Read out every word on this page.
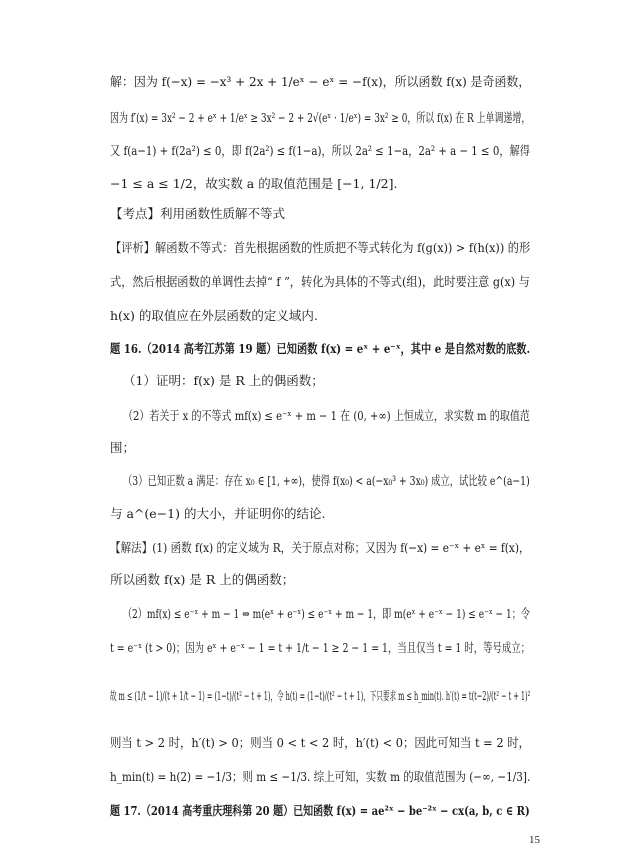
解：因为 f(−x) = −x³ + 2x + 1/eˣ − eˣ = −f(x)，所以函数 f(x) 是奇函数，
因为 f′(x) = 3x² − 2 + eˣ + 1/eˣ ≥ 3x² − 2 + 2√(eˣ · 1/eˣ) = 3x² ≥ 0，所以 f(x) 在 R 上单调递增，
又 f(a−1) + f(2a²) ≤ 0，即 f(2a²) ≤ f(1−a)，所以 2a² ≤ 1−a，2a² + a − 1 ≤ 0，解得
−1 ≤ a ≤ 1/2，故实数 a 的取值范围是 [−1, 1/2].
【考点】利用函数性质解不等式
【评析】解函数不等式：首先根据函数的性质把不等式转化为 f(g(x)) > f(h(x)) 的形
式，然后根据函数的单调性去掉“ f ”，转化为具体的不等式(组)，此时要注意 g(x) 与
h(x) 的取值应在外层函数的定义域内.
题 16.（2014 高考江苏第 19 题）已知函数 f(x) = eˣ + e⁻ˣ，其中 e 是自然对数的底数.
（1）证明：f(x) 是 R 上的偶函数；
（2）若关于 x 的不等式 mf(x) ≤ e⁻ˣ + m − 1 在 (0, +∞) 上恒成立，求实数 m 的取值范
围；
（3）已知正数 a 满足：存在 x₀ ∈ [1, +∞)，使得 f(x₀) < a(−x₀³ + 3x₀) 成立，试比较 e^(a−1)
与 a^(e−1) 的大小，并证明你的结论.
【解法】(1) 函数 f(x) 的定义域为 R，关于原点对称；又因为 f(−x) = e⁻ˣ + eˣ = f(x)，
所以函数 f(x) 是 R 上的偶函数；
（2）mf(x) ≤ e⁻ˣ + m − 1 ⇔ m(eˣ + e⁻ˣ) ≤ e⁻ˣ + m − 1，即 m(eˣ + e⁻ˣ − 1) ≤ e⁻ˣ − 1；令
t = e⁻ˣ (t > 0)；因为 eˣ + e⁻ˣ − 1 = t + 1/t − 1 ≥ 2 − 1 = 1，当且仅当 t = 1 时，等号成立；
故 m ≤ (1/t − 1)/(t + 1/t − 1) = (1−t)/(t² − t + 1)，令 h(t) = (1−t)/(t² − t + 1)，下只要求 m ≤ h_min(t). h′(t) = t(t−2)/(t² − t + 1)²
则当 t > 2 时，h′(t) > 0；则当 0 < t < 2 时，h′(t) < 0；因此可知当 t = 2 时，
h_min(t) = h(2) = −1/3；则 m ≤ −1/3. 综上可知，实数 m 的取值范围为 (−∞, −1/3].
题 17.（2014 高考重庆理科第 20 题）已知函数 f(x) = ae²ˣ − be⁻²ˣ − cx(a, b, c ∈ R)
15
